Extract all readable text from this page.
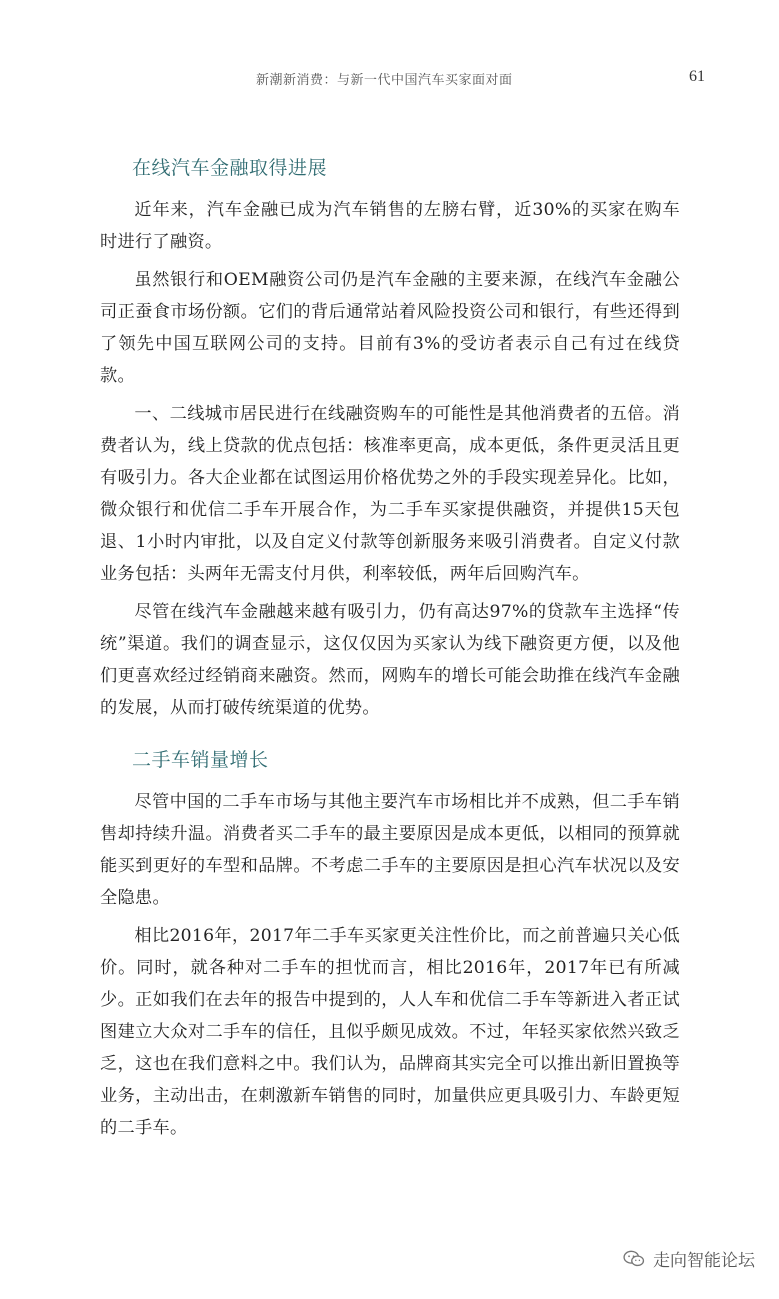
新潮新消费：与新一代中国汽车买家面对面	61
在线汽车金融取得进展

近年来，汽车金融已成为汽车销售的左膀右臂，近30%的买家在购车时进行了融资。

虽然银行和OEM融资公司仍是汽车金融的主要来源，在线汽车金融公司正蚕食市场份额。它们的背后通常站着风险投资公司和银行，有些还得到了领先中国互联网公司的支持。目前有3%的受访者表示自己有过在线贷款。

一、二线城市居民进行在线融资购车的可能性是其他消费者的五倍。消费者认为，线上贷款的优点包括：核准率更高，成本更低，条件更灵活且更有吸引力。各大企业都在试图运用价格优势之外的手段实现差异化。比如，微众银行和优信二手车开展合作，为二手车买家提供融资，并提供15天包退、1小时内审批，以及自定义付款等创新服务来吸引消费者。自定义付款业务包括：头两年无需支付月供，利率较低，两年后回购汽车。

尽管在线汽车金融越来越有吸引力，仍有高达97%的贷款车主选择“传统”渠道。我们的调查显示，这仅仅因为买家认为线下融资更方便，以及他们更喜欢经过经销商来融资。然而，网购车的增长可能会助推在线汽车金融的发展，从而打破传统渠道的优势。

二手车销量增长

尽管中国的二手车市场与其他主要汽车市场相比并不成熟，但二手车销售却持续升温。消费者买二手车的最主要原因是成本更低，以相同的预算就能买到更好的车型和品牌。不考虑二手车的主要原因是担心汽车状况以及安全隐患。

相比2016年，2017年二手车买家更关注性价比，而之前普遍只关心低价。同时，就各种对二手车的担忧而言，相比2016年，2017年已有所减少。正如我们在去年的报告中提到的，人人车和优信二手车等新进入者正试图建立大众对二手车的信任，且似乎颇见成效。不过，年轻买家依然兴致乏乏，这也在我们意料之中。我们认为，品牌商其实完全可以推出新旧置换等业务，主动出击，在刺激新车销售的同时，加量供应更具吸引力、车龄更短的二手车。

走向智能论坛
